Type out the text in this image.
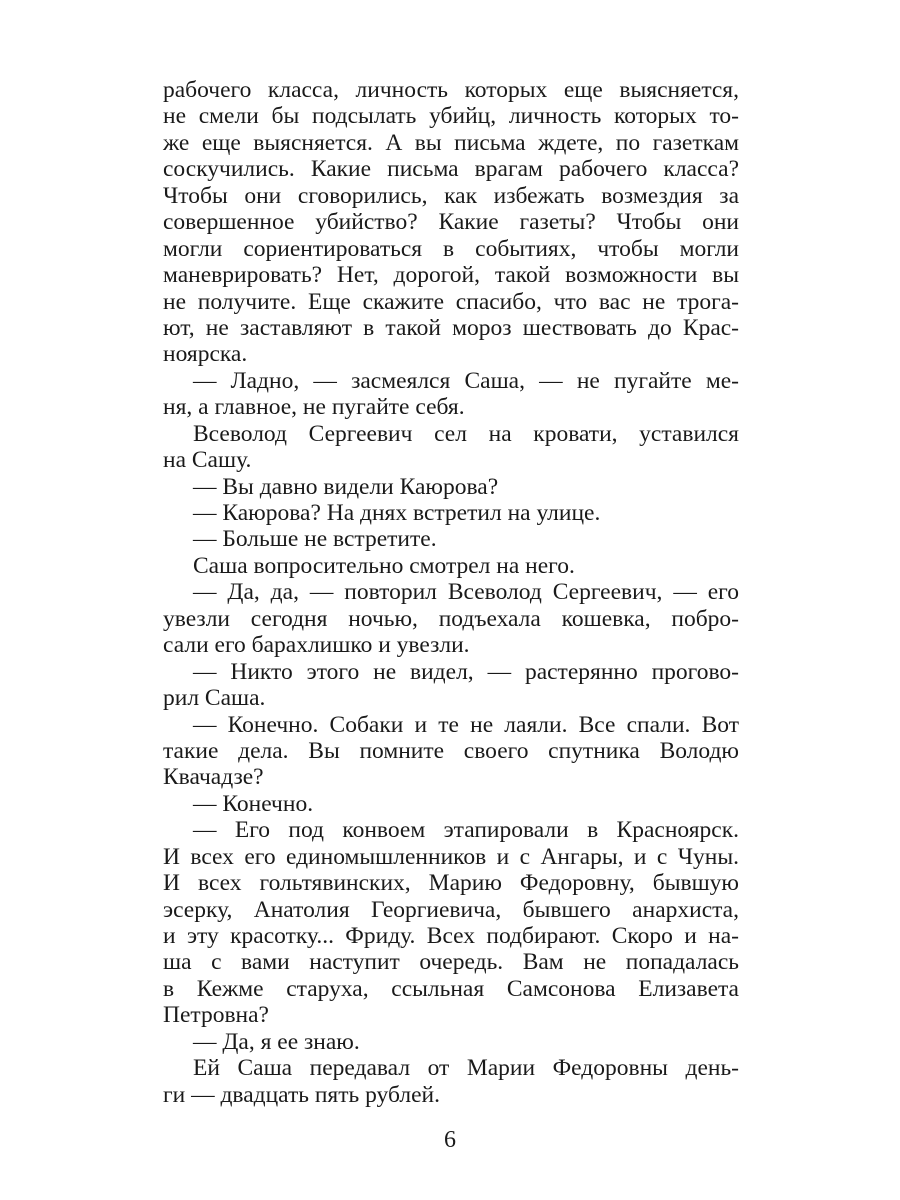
рабочего класса, личность которых еще выясняется,
не смели бы подсылать убийц, личность которых то-
же еще выясняется. А вы письма ждете, по газеткам
соскучились. Какие письма врагам рабочего класса?
Чтобы они сговорились, как избежать возмездия за
совершенное убийство? Какие газеты? Чтобы они
могли сориентироваться в событиях, чтобы могли
маневрировать? Нет, дорогой, такой возможности вы
не получите. Еще скажите спасибо, что вас не трога-
ют, не заставляют в такой мороз шествовать до Крас-
ноярска.
— Ладно, — засмеялся Саша, — не пугайте ме-
ня, а главное, не пугайте себя.
Всеволод Сергеевич сел на кровати, уставился
на Сашу.
— Вы давно видели Каюрова?
— Каюрова? На днях встретил на улице.
— Больше не встретите.
Саша вопросительно смотрел на него.
— Да, да, — повторил Всеволод Сергеевич, — его
увезли сегодня ночью, подъехала кошевка, побро-
сали его барахлишко и увезли.
— Никто этого не видел, — растерянно прогово-
рил Саша.
— Конечно. Собаки и те не лаяли. Все спали. Вот
такие дела. Вы помните своего спутника Володю
Квачадзе?
— Конечно.
— Его под конвоем этапировали в Красноярск.
И всех его единомышленников и с Ангары, и с Чуны.
И всех гольтявинских, Марию Федоровну, бывшую
эсерку, Анатолия Георгиевича, бывшего анархиста,
и эту красотку... Фриду. Всех подбирают. Скоро и на-
ша с вами наступит очередь. Вам не попадалась
в Кежме старуха, ссыльная Самсонова Елизавета
Петровна?
— Да, я ее знаю.
Ей Саша передавал от Марии Федоровны день-
ги — двадцать пять рублей.
6
